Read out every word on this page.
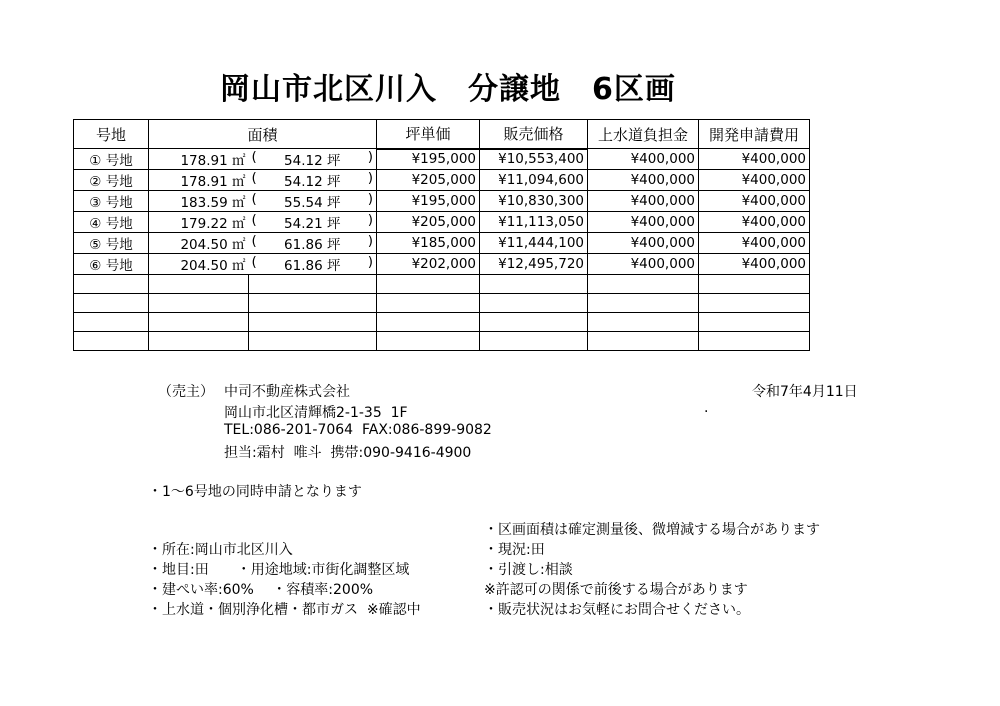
岡山市北区川入　分譲地　6区画
号地	面積		坪単価	販売価格	上水道負担金	開発申請費用
① 号地	178.91 ㎡	( 54.12 坪 )	¥195,000	¥10,553,400	¥400,000	¥400,000
② 号地	178.91 ㎡	( 54.12 坪 )	¥205,000	¥11,094,600	¥400,000	¥400,000
③ 号地	183.59 ㎡	( 55.54 坪 )	¥195,000	¥10,830,300	¥400,000	¥400,000
④ 号地	179.22 ㎡	( 54.21 坪 )	¥205,000	¥11,113,050	¥400,000	¥400,000
⑤ 号地	204.50 ㎡	( 61.86 坪 )	¥185,000	¥11,444,100	¥400,000	¥400,000
⑥ 号地	204.50 ㎡	( 61.86 坪 )	¥202,000	¥12,495,720	¥400,000	¥400,000

（売主） 中司不動産株式会社
岡山市北区清輝橋2-1-35  1F
TEL:086-201-7064  FAX:086-899-9082
担当:霜村  唯斗  携帯:090-9416-4900
令和7年4月11日
.
・1～6号地の同時申請となります
・所在:岡山市北区川入
・地目:田　　・用途地域:市街化調整区域
・建ぺい率:60%　 ・容積率:200%
・上水道・個別浄化槽・都市ガス  ※確認中
・区画面積は確定測量後、微増減する場合があります
・現況:田
・引渡し:相談
※許認可の関係で前後する場合があります
・販売状況はお気軽にお問合せください。
